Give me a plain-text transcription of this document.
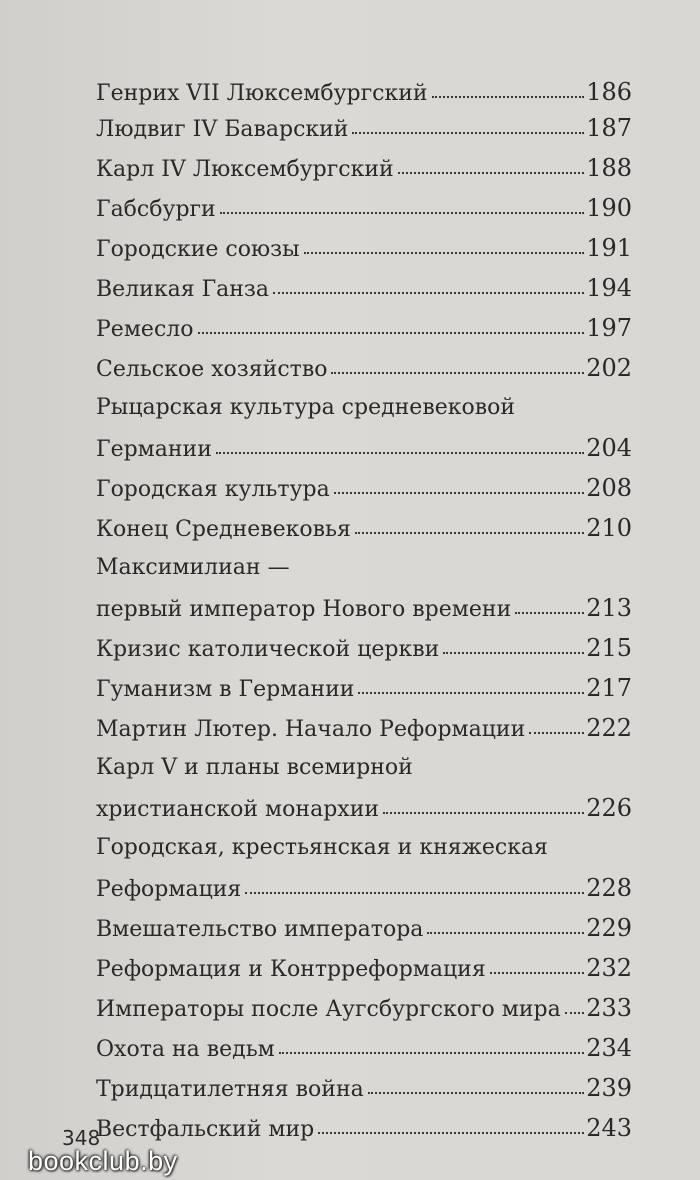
Генрих VII Люксембургский	186
Людвиг IV Баварский	187
Карл IV Люксембургский	188
Габсбурги	190
Городские союзы	191
Великая Ганза	194
Ремесло	197
Сельское хозяйство	202
Рыцарская культура средневековой
Германии	204
Городская культура	208
Конец Средневековья	210
Максимилиан —
первый император Нового времени	213
Кризис католической церкви	215
Гуманизм в Германии	217
Мартин Лютер. Начало Реформации	222
Карл V и планы всемирной
христианской монархии	226
Городская, крестьянская и княжеская
Реформация	228
Вмешательство императора	229
Реформация и Контрреформация	232
Императоры после Аугсбургского мира 233
Охота на ведьм	234
Тридцатилетняя война	239
Вестфальский мир	243
348
bookclub.by
